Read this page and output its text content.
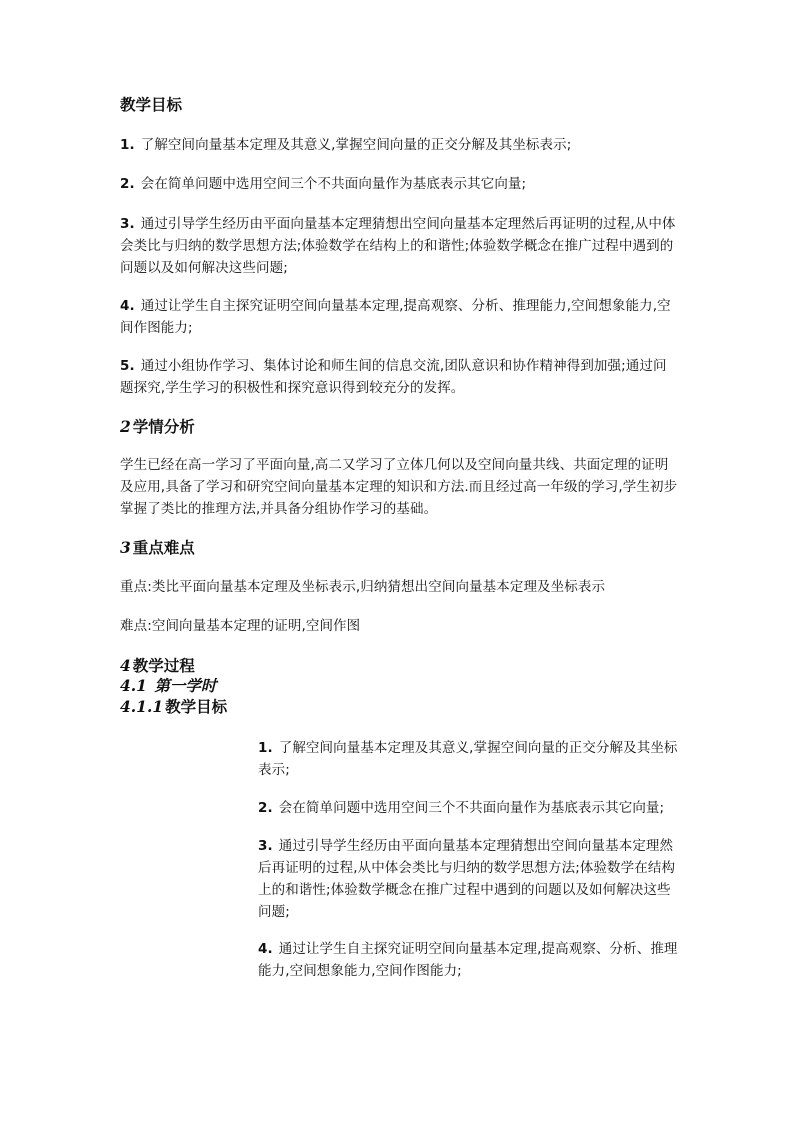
教学目标

1. 了解空间向量基本定理及其意义,掌握空间向量的正交分解及其坐标表示;

2. 会在简单问题中选用空间三个不共面向量作为基底表示其它向量;

3. 通过引导学生经历由平面向量基本定理猜想出空间向量基本定理然后再证明的过程,从中体会类比与归纳的数学思想方法;体验数学在结构上的和谐性;体验数学概念在推广过程中遇到的问题以及如何解决这些问题;

4. 通过让学生自主探究证明空间向量基本定理,提高观察、分析、推理能力,空间想象能力,空间作图能力;

5. 通过小组协作学习、集体讨论和师生间的信息交流,团队意识和协作精神得到加强;通过问题探究,学生学习的积极性和探究意识得到较充分的发挥。

2 学情分析

学生已经在高一学习了平面向量,高二又学习了立体几何以及空间向量共线、共面定理的证明及应用,具备了学习和研究空间向量基本定理的知识和方法.而且经过高一年级的学习,学生初步掌握了类比的推理方法,并具备分组协作学习的基础。

3 重点难点

重点:类比平面向量基本定理及坐标表示,归纳猜想出空间向量基本定理及坐标表示

难点:空间向量基本定理的证明,空间作图

4 教学过程
4.1 第一学时
4.1.1 教学目标

1. 了解空间向量基本定理及其意义,掌握空间向量的正交分解及其坐标表示;

2. 会在简单问题中选用空间三个不共面向量作为基底表示其它向量;

3. 通过引导学生经历由平面向量基本定理猜想出空间向量基本定理然后再证明的过程,从中体会类比与归纳的数学思想方法;体验数学在结构上的和谐性;体验数学概念在推广过程中遇到的问题以及如何解决这些问题;

4. 通过让学生自主探究证明空间向量基本定理,提高观察、分析、推理能力,空间想象能力,空间作图能力;
